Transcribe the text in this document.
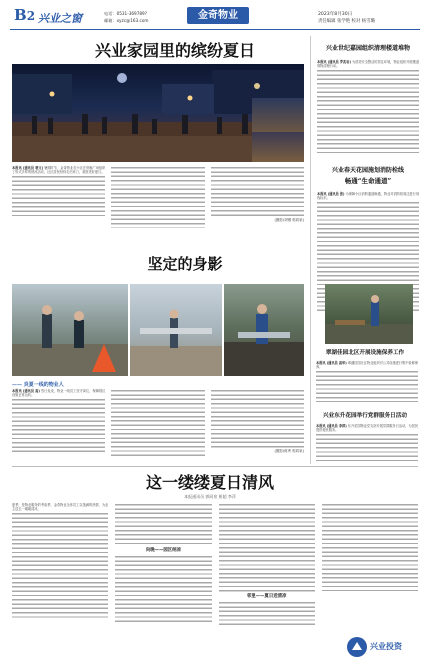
B2 兴业之窗	电话：0531-369789?
邮箱：xyzc@163.com	金奇物业	2023年8月30日
责任编辑 张学艳 校对 杨雪璐
兴业家园里的缤纷夏日
本报讯 (通讯员 裴文) 暑期时节，金奇物业各小区在傍晚广场组织了形式多样的纳凉活动，社区居民纷纷走出家门，欢度美好夏日。
(摄影/刘钢 郭同泉)
坚定的身影
—— 炎夏一线的物业人
本报讯 (通讯员 高) 烈日炎炎，物业一线员工坚守岗位，保障园区设施正常运转。
(摄影/蒋秀 郭同泉)
这一缕缕夏日清风
本报通讯员 郭同泉 崔超 李萍
夏季，是物业服务的考验季，金奇物业全体员工以饱满的热情，为业主送去一缕缕清凉。
向晚——园区纳凉
邻里——夏日送清凉
兴业世纪嘉园组织清理楼道堆物
本报讯 (通讯员 罗兆岩) 为营造安全整洁的居住环境，物业组织开展楼道堆物清理行动。
兴业春天花园施划消防栓线
畅通“生命通道”
本报讯 (通讯员 张) 为保障小区消防通道畅通，物业对消防栓周边进行划线标识。
翠湖佳园北区开展设施保养工作
本报讯 (通讯员 高华) 翠湖佳园北区物业组织对公共设施进行集中检修保养。
兴业东升花园举行党群服务日活动
本报讯 (通讯员 李萍) 东升花园物业党支部开展党群服务日活动，为居民提供便民服务。
兴业投资
